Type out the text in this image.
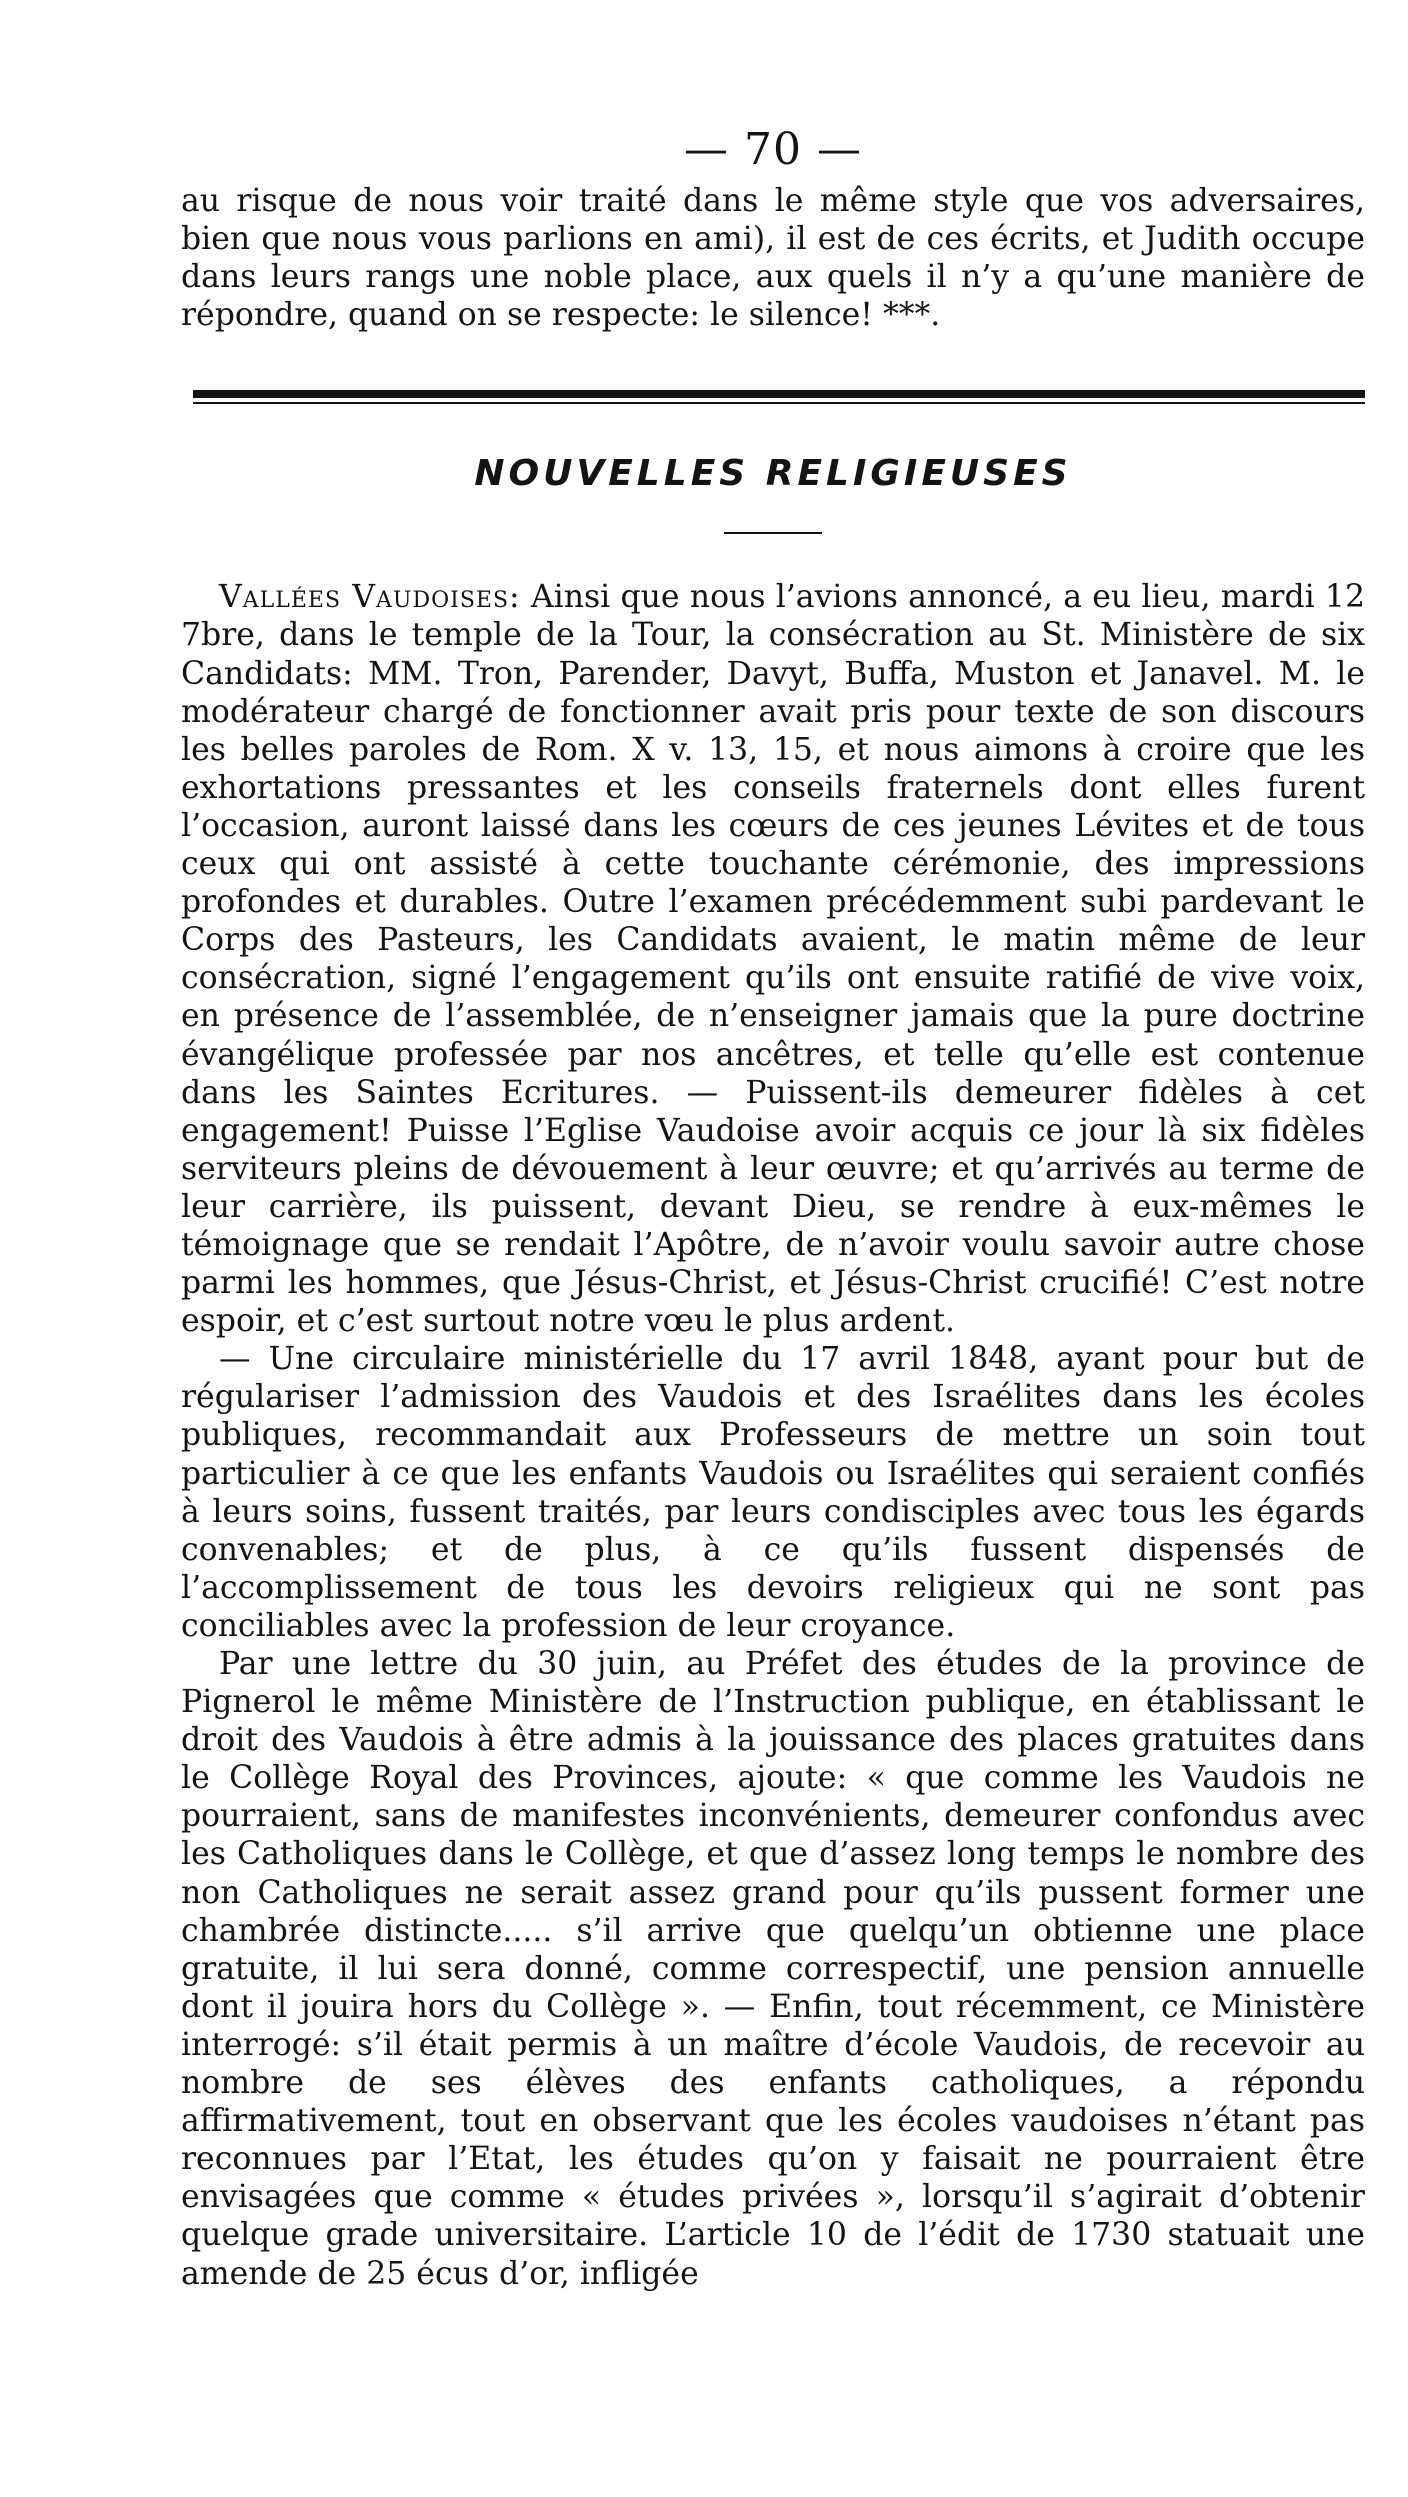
— 70 —

au risque de nous voir traité dans le même style que vos adversaires, bien que nous vous parlions en ami), il est de ces écrits, et Judith occupe dans leurs rangs une noble place, aux quels il n’y a qu’une manière de répondre, quand on se respecte: le silence! ***.

NOUVELLES RELIGIEUSES

Vallées Vaudoises: Ainsi que nous l’avions annoncé, a eu lieu, mardi 12 7bre, dans le temple de la Tour, la consécration au St. Ministère de six Candidats: MM. Tron, Parender, Davyt, Buffa, Muston et Janavel. M. le modérateur chargé de fonctionner avait pris pour texte de son discours les belles paroles de Rom. X v. 13, 15, et nous aimons à croire que les exhortations pressantes et les conseils fraternels dont elles furent l’occasion, auront laissé dans les cœurs de ces jeunes Lévites et de tous ceux qui ont assisté à cette touchante cérémonie, des impressions profondes et durables. Outre l’examen précédemment subi pardevant le Corps des Pasteurs, les Candidats avaient, le matin même de leur consécration, signé l’engagement qu’ils ont ensuite ratifié de vive voix, en présence de l’assemblée, de n’enseigner jamais que la pure doctrine évangélique professée par nos ancêtres, et telle qu’elle est contenue dans les Saintes Ecritures. — Puissent-ils demeurer fidèles à cet engagement! Puisse l’Eglise Vaudoise avoir acquis ce jour là six fidèles serviteurs pleins de dévouement à leur œuvre; et qu’arrivés au terme de leur carrière, ils puissent, devant Dieu, se rendre à eux-mêmes le témoignage que se rendait l’Apôtre, de n’avoir voulu savoir autre chose parmi les hommes, que Jésus-Christ, et Jésus-Christ crucifié! C’est notre espoir, et c’est surtout notre vœu le plus ardent.

— Une circulaire ministérielle du 17 avril 1848, ayant pour but de régulariser l’admission des Vaudois et des Israélites dans les écoles publiques, recommandait aux Professeurs de mettre un soin tout particulier à ce que les enfants Vaudois ou Israélites qui seraient confiés à leurs soins, fussent traités, par leurs condisciples avec tous les égards convenables; et de plus, à ce qu’ils fussent dispensés de l’accomplissement de tous les devoirs religieux qui ne sont pas conciliables avec la profession de leur croyance.

Par une lettre du 30 juin, au Préfet des études de la province de Pignerol le même Ministère de l’Instruction publique, en établissant le droit des Vaudois à être admis à la jouissance des places gratuites dans le Collège Royal des Provinces, ajoute: « que comme les Vaudois ne pourraient, sans de manifestes inconvénients, demeurer confondus avec les Catholiques dans le Collège, et que d’assez long temps le nombre des non Catholiques ne serait assez grand pour qu’ils pussent former une chambrée distincte..... s’il arrive que quelqu’un obtienne une place gratuite, il lui sera donné, comme correspectif, une pension annuelle dont il jouira hors du Collège ». — Enfin, tout récemment, ce Ministère interrogé: s’il était permis à un maître d’école Vaudois, de recevoir au nombre de ses élèves des enfants catholiques, a répondu affirmativement, tout en observant que les écoles vaudoises n’étant pas reconnues par l’Etat, les études qu’on y faisait ne pourraient être envisagées que comme « études privées », lorsqu’il s’agirait d’obtenir quelque grade universitaire. L’article 10 de l’édit de 1730 statuait une amende de 25 écus d’or, infligée
